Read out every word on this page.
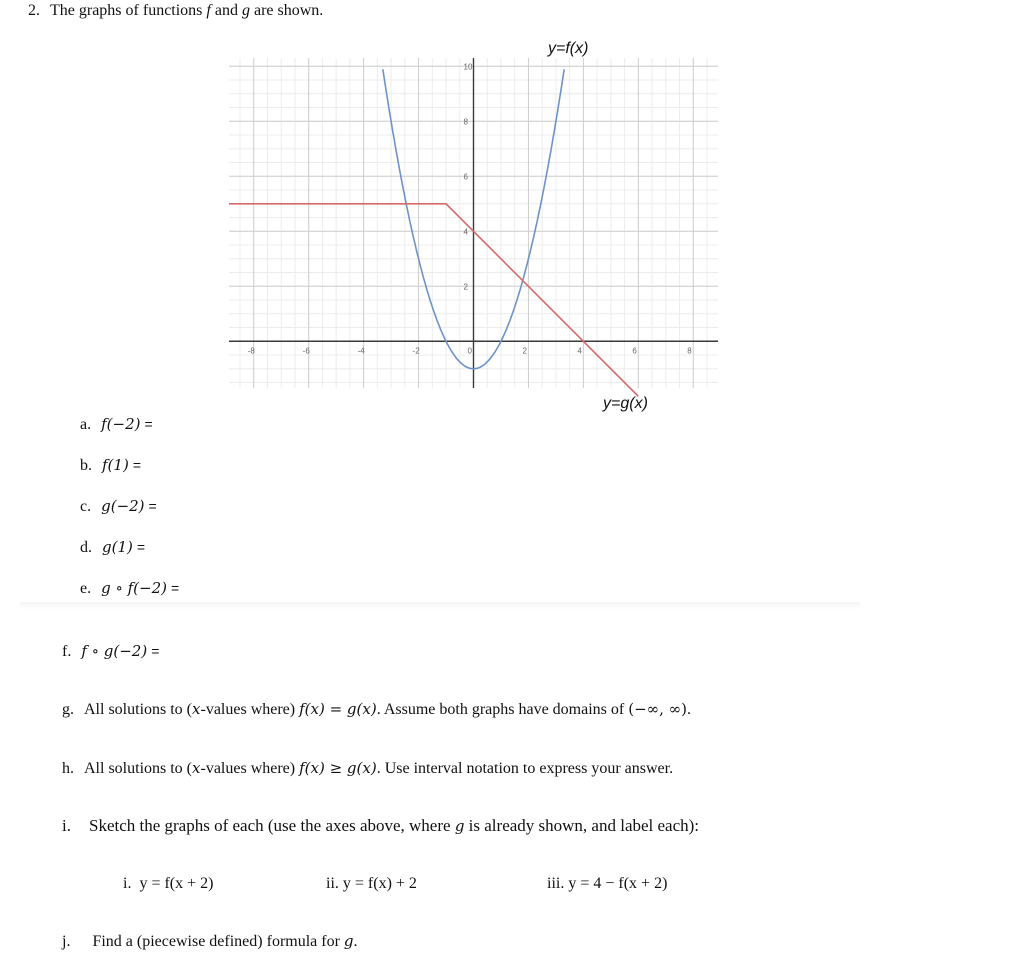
2. The graphs of functions f and g are shown.
-8	-6	-4	-2	0	2	4	6	8
2
4
6
8
10
y=f(x)
y=g(x)
a. f(−2) =
b. f(1) =
c. g(−2) =
d. g(1) =
e. g ∘ f(−2) =
f. f ∘ g(−2) =
g. All solutions to (x-values where) f(x) = g(x). Assume both graphs have domains of (−∞, ∞).
h. All solutions to (x-values where) f(x) ≥ g(x). Use interval notation to express your answer.
i. Sketch the graphs of each (use the axes above, where g is already shown, and label each):
i. y = f(x + 2)	ii. y = f(x) + 2	iii. y = 4 − f(x + 2)
j. Find a (piecewise defined) formula for g.
